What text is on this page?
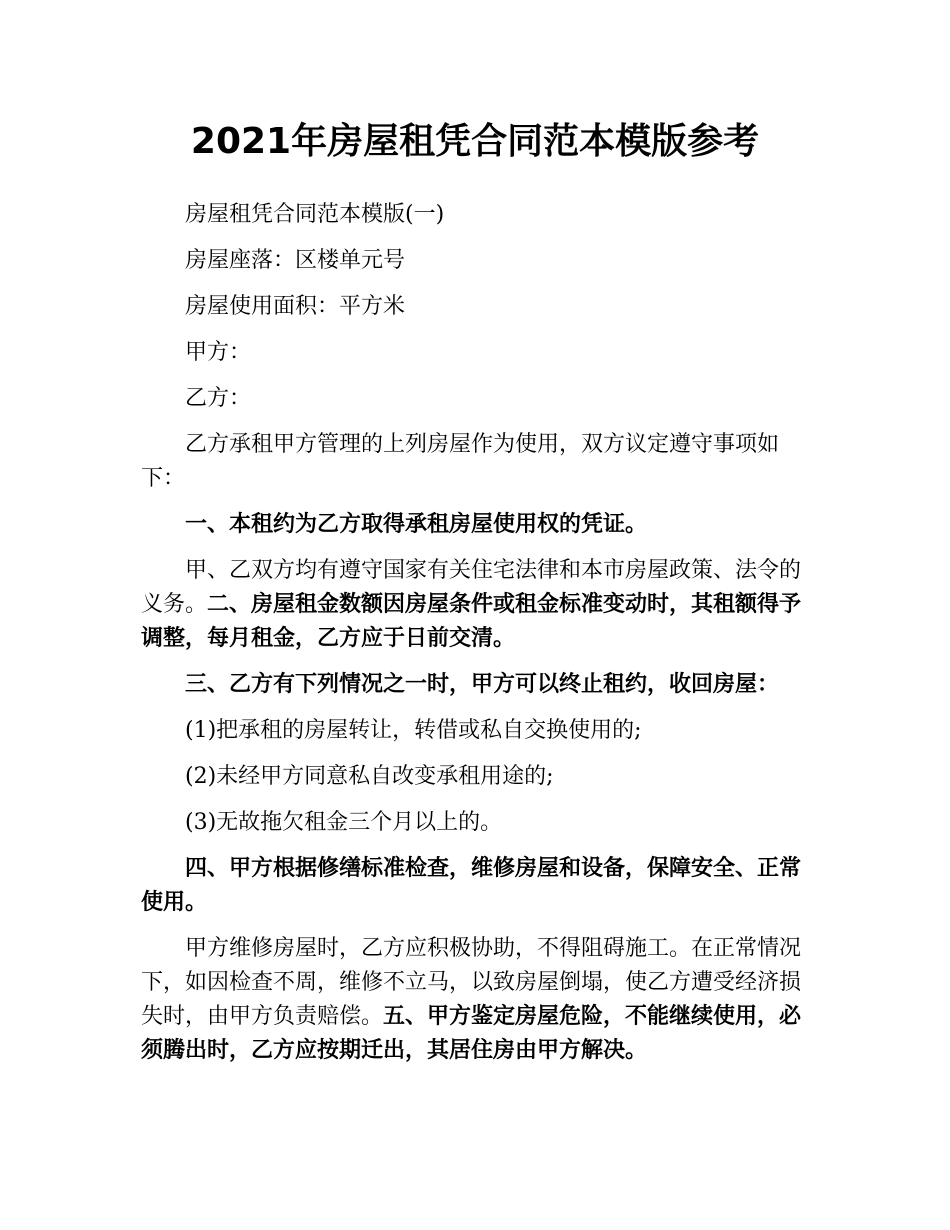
2021年房屋租凭合同范本模版参考

房屋租凭合同范本模版(一)

房屋座落：区楼单元号

房屋使用面积：平方米

甲方：

乙方：

乙方承租甲方管理的上列房屋作为使用，双方议定遵守事项如下：

一、本租约为乙方取得承租房屋使用权的凭证。

甲、乙双方均有遵守国家有关住宅法律和本市房屋政策、法令的义务。二、房屋租金数额因房屋条件或租金标准变动时，其租额得予调整，每月租金，乙方应于日前交清。

三、乙方有下列情况之一时，甲方可以终止租约，收回房屋：

(1)把承租的房屋转让，转借或私自交换使用的;

(2)未经甲方同意私自改变承租用途的;

(3)无故拖欠租金三个月以上的。

四、甲方根据修缮标准检查，维修房屋和设备，保障安全、正常使用。

甲方维修房屋时，乙方应积极协助，不得阻碍施工。在正常情况下，如因检查不周，维修不立马，以致房屋倒塌，使乙方遭受经济损失时，由甲方负责赔偿。五、甲方鉴定房屋危险，不能继续使用，必须腾出时，乙方应按期迁出，其居住房由甲方解决。
